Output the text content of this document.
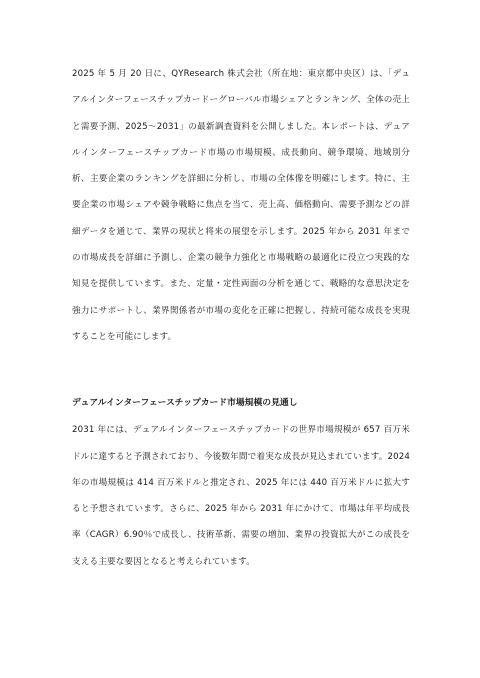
2025 年 5 月 20 日に、QYResearch 株式会社（所在地：東京都中央区）は、「デュアルインターフェースチップカードーグローバル市場シェアとランキング、全体の売上と需要予測、2025～2031」の最新調査資料を公開しました。本レポートは、デュアルインターフェースチップカード市場の市場規模、成長動向、競争環境、地域別分析、主要企業のランキングを詳細に分析し、市場の全体像を明確にします。特に、主要企業の市場シェアや競争戦略に焦点を当て、売上高、価格動向、需要予測などの詳細データを通じて、業界の現状と将来の展望を示します。2025 年から 2031 年までの市場成長を詳細に予測し、企業の競争力強化と市場戦略の最適化に役立つ実践的な知見を提供しています。また、定量・定性両面の分析を通じて、戦略的な意思決定を強力にサポートし、業界関係者が市場の変化を正確に把握し、持続可能な成長を実現することを可能にします。

デュアルインターフェースチップカード市場規模の見通し

2031 年には、デュアルインターフェースチップカードの世界市場規模が 657 百万米ドルに達すると予測されており、今後数年間で着実な成長が見込まれています。2024 年の市場規模は 414 百万米ドルと推定され、2025 年には 440 百万米ドルに拡大すると予想されています。さらに、2025 年から 2031 年にかけて、市場は年平均成長率（CAGR）6.90％で成長し、技術革新、需要の増加、業界の投資拡大がこの成長を支える主要な要因となると考えられています。
